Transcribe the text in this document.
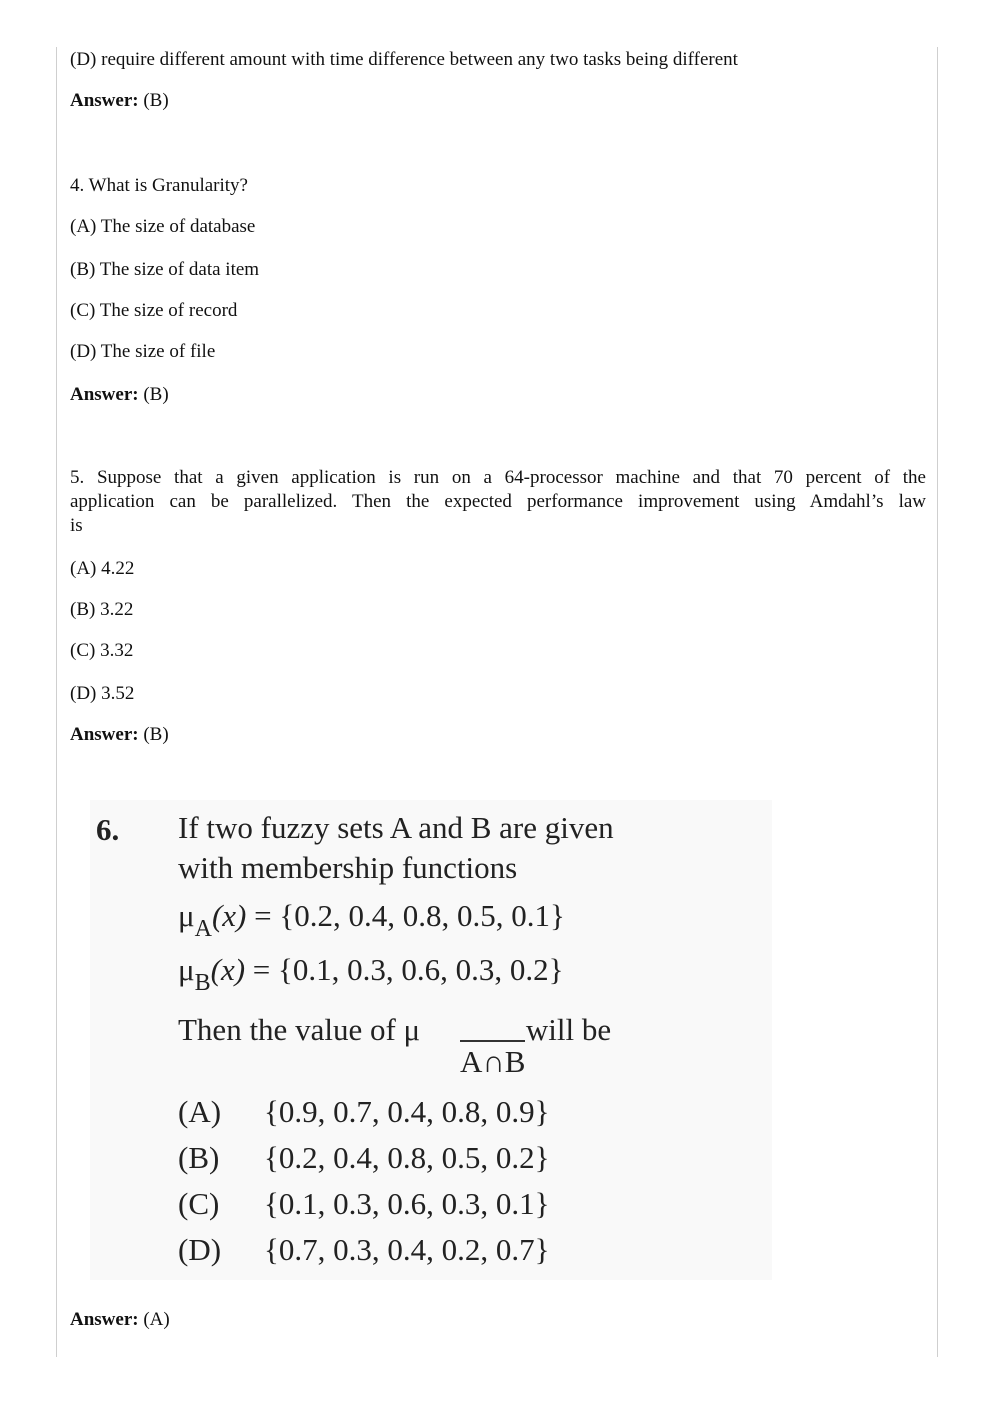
(D) require different amount with time difference between any two tasks being different
Answer: (B)
4. What is Granularity?
(A) The size of database
(B) The size of data item
(C) The size of record
(D) The size of file
Answer: (B)
5. Suppose that a given application is run on a 64-processor machine and that 70 percent of the
application can be parallelized. Then the expected performance improvement using Amdahl’s law
is
(A) 4.22
(B) 3.22
(C) 3.32
(D) 3.52
Answer: (B)
Answer: (A)
6. If two fuzzy sets A and B are given
with membership functions
$\mu_A(x) = \{0.2$, 0.4, 0.8, 0.5, 0.1}
$\mu_B(x) = \{0.1$, 0.3, 0.6, 0.3, 0.2}
Then the value of μ	will be
A∩B
(A) {0.9, 0.7, 0.4, 0.8, 0.9}
(B) {0.2, 0.4, 0.8, 0.5, 0.2}
(C) {0.1, 0.3, 0.6, 0.3, 0.1}
(D) {0.7, 0.3, 0.4, 0.2, 0.7}
